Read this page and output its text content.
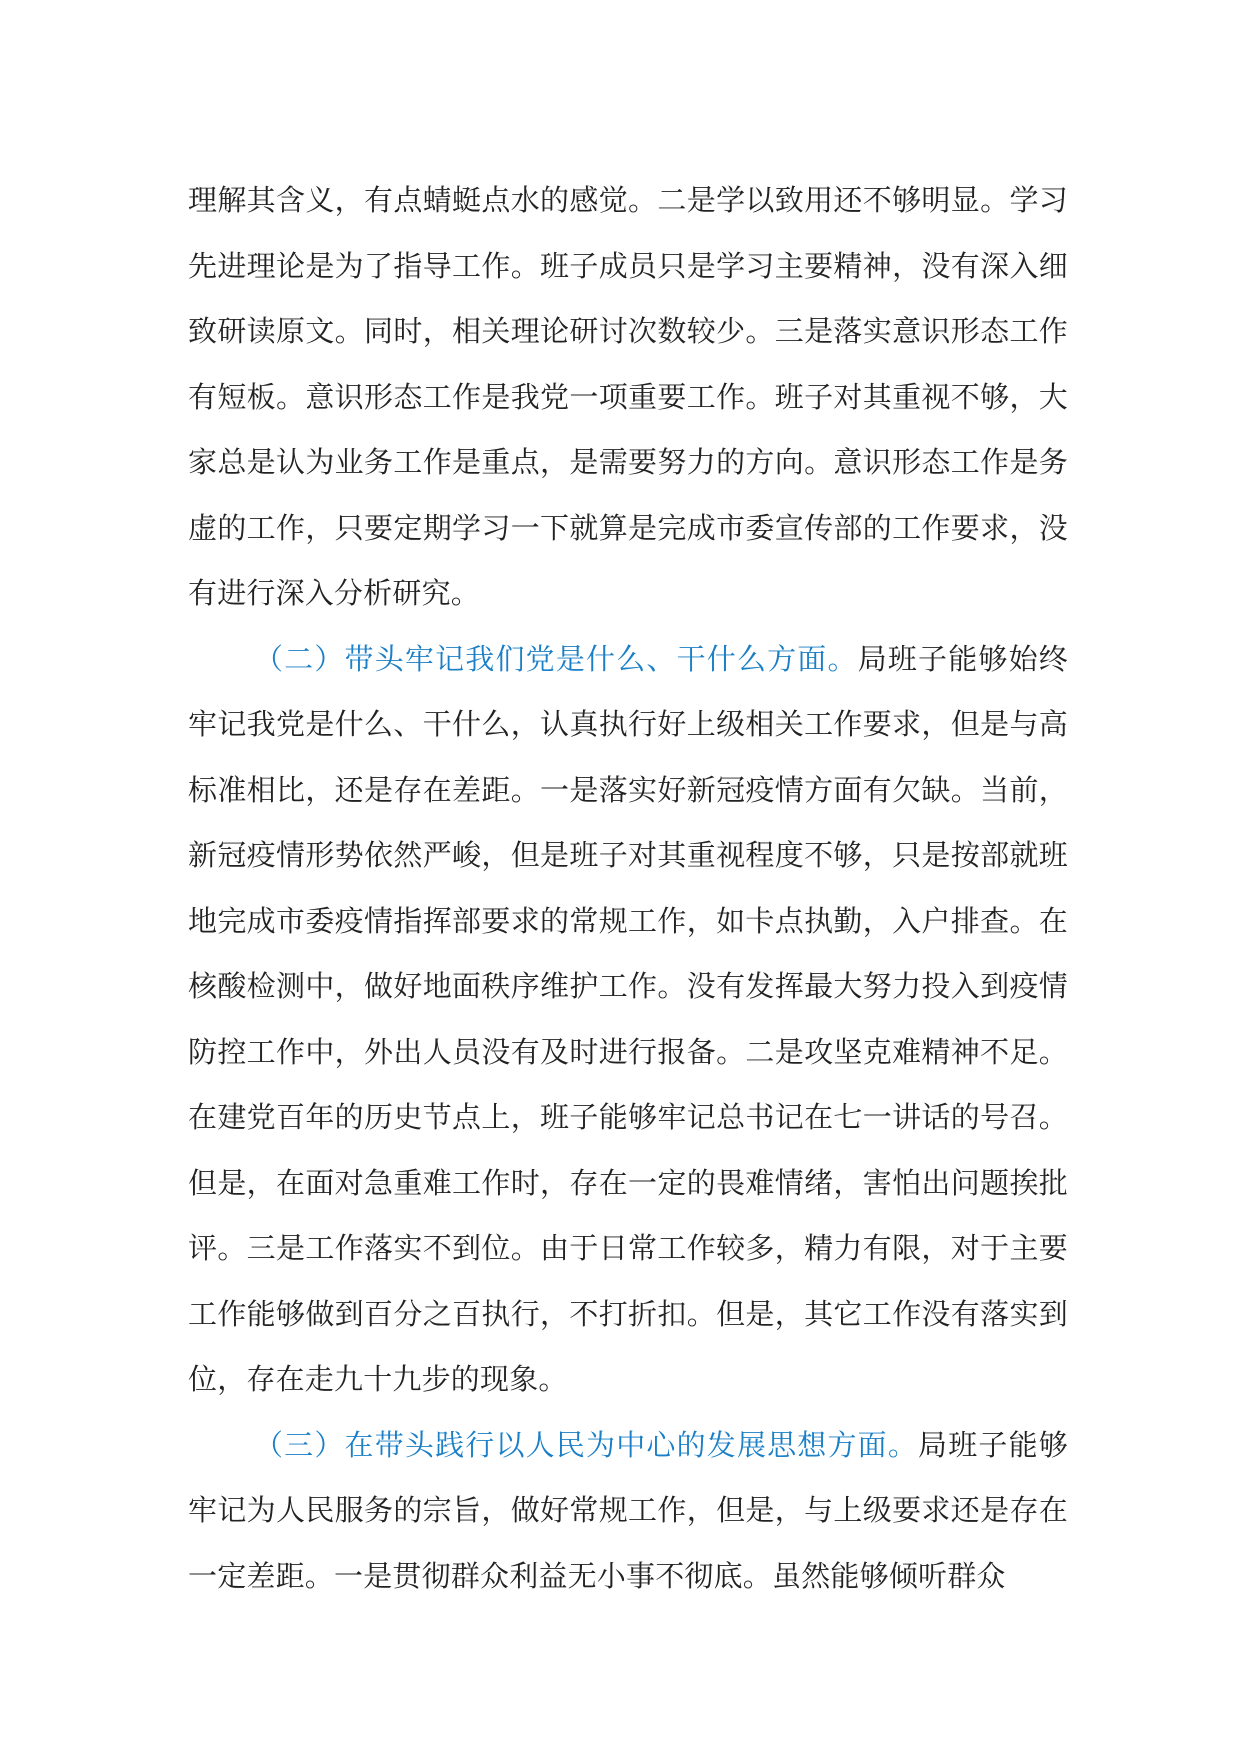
理解其含义，有点蜻蜓点水的感觉。二是学以致用还不够明显。学习先进理论是为了指导工作。班子成员只是学习主要精神，没有深入细致研读原文。同时，相关理论研讨次数较少。三是落实意识形态工作有短板。意识形态工作是我党一项重要工作。班子对其重视不够，大家总是认为业务工作是重点，是需要努力的方向。意识形态工作是务虚的工作，只要定期学习一下就算是完成市委宣传部的工作要求，没有进行深入分析研究。

（二）带头牢记我们党是什么、干什么方面。局班子能够始终牢记我党是什么、干什么，认真执行好上级相关工作要求，但是与高标准相比，还是存在差距。一是落实好新冠疫情方面有欠缺。当前，新冠疫情形势依然严峻，但是班子对其重视程度不够，只是按部就班地完成市委疫情指挥部要求的常规工作，如卡点执勤，入户排查。在核酸检测中，做好地面秩序维护工作。没有发挥最大努力投入到疫情防控工作中，外出人员没有及时进行报备。二是攻坚克难精神不足。在建党百年的历史节点上，班子能够牢记总书记在七一讲话的号召。但是，在面对急重难工作时，存在一定的畏难情绪，害怕出问题挨批评。三是工作落实不到位。由于日常工作较多，精力有限，对于主要工作能够做到百分之百执行，不打折扣。但是，其它工作没有落实到位，存在走九十九步的现象。

（三）在带头践行以人民为中心的发展思想方面。局班子能够牢记为人民服务的宗旨，做好常规工作，但是，与上级要求还是存在一定差距。一是贯彻群众利益无小事不彻底。虽然能够倾听群众
